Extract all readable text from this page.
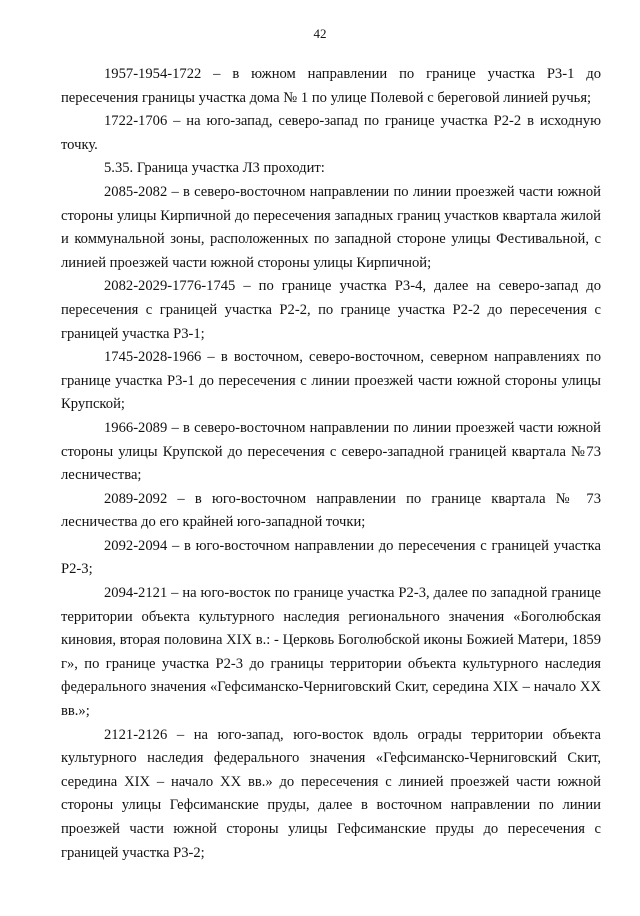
42

1957-1954-1722 – в южном направлении по границе участка Р3-1 до пересечения границы участка дома № 1 по улице Полевой с береговой линией ручья;

1722-1706 – на юго-запад, северо-запад по границе участка Р2-2 в исходную точку.

5.35. Граница участка Л3 проходит:

2085-2082 – в северо-восточном направлении по линии проезжей части южной стороны улицы Кирпичной до пересечения западных границ участков квартала жилой и коммунальной зоны, расположенных по западной стороне улицы Фестивальной, с линией проезжей части южной стороны улицы Кирпичной;

2082-2029-1776-1745 – по границе участка Р3-4, далее на северо-запад до пересечения с границей участка Р2-2, по границе участка Р2-2 до пересечения с границей участка Р3-1;

1745-2028-1966 – в восточном, северо-восточном, северном направлениях по границе участка Р3-1 до пересечения с линии проезжей части южной стороны улицы Крупской;

1966-2089 – в северо-восточном направлении по линии проезжей части южной стороны улицы Крупской до пересечения с северо-западной границей квартала №73 лесничества;

2089-2092 – в юго-восточном направлении по границе квартала № 73 лесничества до его крайней юго-западной точки;

2092-2094 – в юго-восточном направлении до пересечения с границей участка Р2-3;

2094-2121 – на юго-восток по границе участка Р2-3, далее по западной границе территории объекта культурного наследия регионального значения «Боголюбская киновия, вторая половина XIX в.: - Церковь Боголюбской иконы Божией Матери, 1859 г», по границе участка Р2-3 до границы территории объекта культурного наследия федерального значения «Гефсиманско-Черниговский Скит, середина XIX – начало XX вв.»;

2121-2126 – на юго-запад, юго-восток вдоль ограды территории объекта культурного наследия федерального значения «Гефсиманско-Черниговский Скит, середина XIX – начало XX вв.» до пересечения с линией проезжей части южной стороны улицы Гефсиманские пруды, далее в восточном направлении по линии проезжей части южной стороны улицы Гефсиманские пруды до пересечения с границей участка Р3-2;
